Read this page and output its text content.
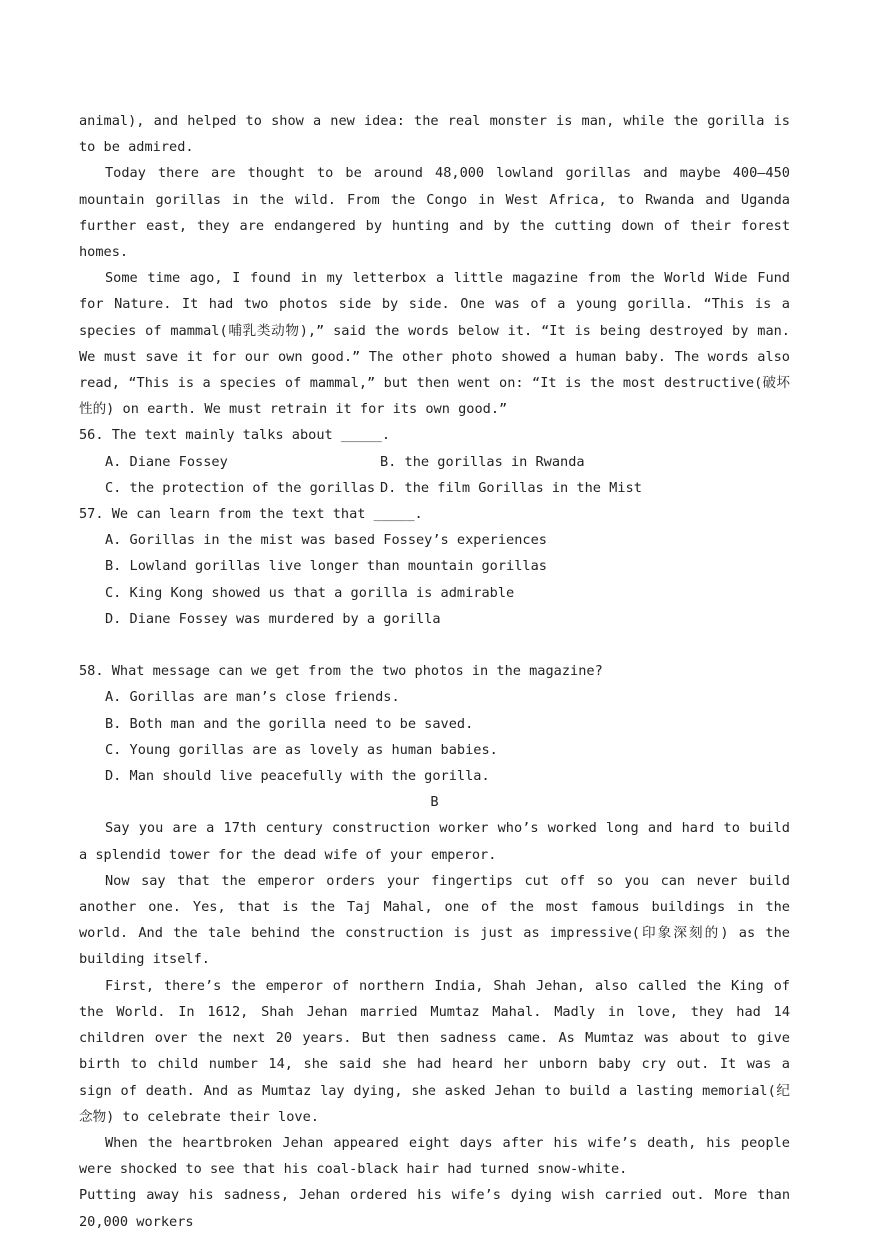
animal), and helped to show a new idea: the real monster is man, while the gorilla is to be admired.

Today there are thought to be around 48,000 lowland gorillas and maybe 400—450 mountain gorillas in the wild. From the Congo in West Africa, to Rwanda and Uganda further east, they are endangered by hunting and by the cutting down of their forest homes.

Some time ago, I found in my letterbox a little magazine from the World Wide Fund for Nature. It had two photos side by side. One was of a young gorilla. “This is a species of mammal(哺乳类动物),” said the words below it. “It is being destroyed by man. We must save it for our own good.” The other photo showed a human baby. The words also read, “This is a species of mammal,” but then went on: “It is the most destructive(破坏性的) on earth. We must retrain it for its own good.”

56. The text mainly talks about _____.

A. Diane Fossey	B. the gorillas in Rwanda
C. the protection of the gorillas D. the film Gorillas in the Mist

57. We can learn from the text that _____.

A. Gorillas in the mist was based Fossey’s experiences

B. Lowland gorillas live longer than mountain gorillas

C. King Kong showed us that a gorilla is admirable

D. Diane Fossey was murdered by a gorilla

58. What message can we get from the two photos in the magazine?

A. Gorillas are man’s close friends.

B. Both man and the gorilla need to be saved.

C. Young gorillas are as lovely as human babies.

D. Man should live peacefully with the gorilla.

B

Say you are a 17th century construction worker who’s worked long and hard to build a splendid tower for the dead wife of your emperor.

Now say that the emperor orders your fingertips cut off so you can never build another one. Yes, that is the Taj Mahal, one of the most famous buildings in the world. And the tale behind the construction is just as impressive(印象深刻的) as the building itself.

First, there’s the emperor of northern India, Shah Jehan, also called the King of the World. In 1612, Shah Jehan married Mumtaz Mahal. Madly in love, they had 14 children over the next 20 years. But then sadness came. As Mumtaz was about to give birth to child number 14, she said she had heard her unborn baby cry out. It was a sign of death. And as Mumtaz lay dying, she asked Jehan to build a lasting memorial(纪念物) to celebrate their love.

When the heartbroken Jehan appeared eight days after his wife’s death, his people were shocked to see that his coal-black hair had turned snow-white.

Putting away his sadness, Jehan ordered his wife’s dying wish carried out. More than 20,000 workers
